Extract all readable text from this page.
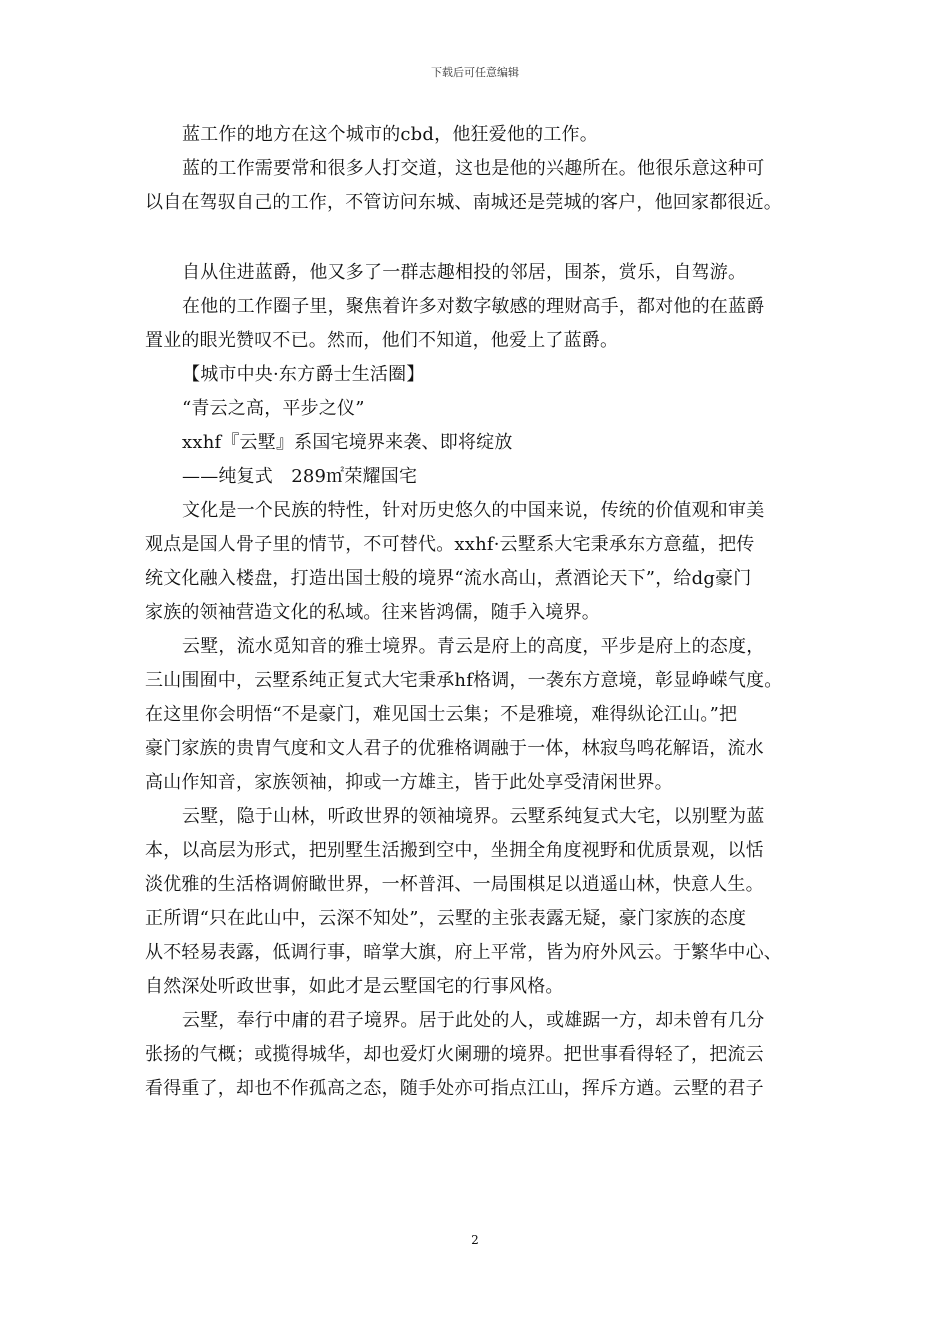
下载后可任意编辑
蓝工作的地方在这个城市的cbd，他狂爱他的工作。
蓝的工作需要常和很多人打交道，这也是他的兴趣所在。他很乐意这种可
以自在驾驭自己的工作，不管访问东城、南城还是莞城的客户，他回家都很近。
自从住进蓝爵，他又多了一群志趣相投的邻居，围茶，赏乐，自驾游。
在他的工作圈子里，聚焦着许多对数字敏感的理财高手，都对他的在蓝爵
置业的眼光赞叹不已。然而，他们不知道，他爱上了蓝爵。
【城市中央·东方爵士生活圈】
“青云之高，平步之仪”
xxhf『云墅』系国宅境界来袭、即将绽放
——纯复式　289㎡荣耀国宅
文化是一个民族的特性，针对历史悠久的中国来说，传统的价值观和审美
观点是国人骨子里的情节，不可替代。xxhf·云墅系大宅秉承东方意蕴，把传
统文化融入楼盘，打造出国士般的境界“流水高山，煮酒论天下”，给dg豪门
家族的领袖营造文化的私域。往来皆鸿儒，随手入境界。
云墅，流水觅知音的雅士境界。青云是府上的高度，平步是府上的态度，
三山围囿中，云墅系纯正复式大宅秉承hf格调，一袭东方意境，彰显峥嵘气度。
在这里你会明悟“不是豪门，难见国士云集；不是雅境，难得纵论江山。”把
豪门家族的贵胄气度和文人君子的优雅格调融于一体，林寂鸟鸣花解语，流水
高山作知音，家族领袖，抑或一方雄主，皆于此处享受清闲世界。
云墅，隐于山林，听政世界的领袖境界。云墅系纯复式大宅，以别墅为蓝
本，以高层为形式，把别墅生活搬到空中，坐拥全角度视野和优质景观，以恬
淡优雅的生活格调俯瞰世界，一杯普洱、一局围棋足以逍遥山林，快意人生。
正所谓“只在此山中，云深不知处”，云墅的主张表露无疑，豪门家族的态度
从不轻易表露，低调行事，暗掌大旗，府上平常，皆为府外风云。于繁华中心、
自然深处听政世事，如此才是云墅国宅的行事风格。
云墅，奉行中庸的君子境界。居于此处的人，或雄踞一方，却未曾有几分
张扬的气概；或揽得城华，却也爱灯火阑珊的境界。把世事看得轻了，把流云
看得重了，却也不作孤高之态，随手处亦可指点江山，挥斥方遒。云墅的君子
2
